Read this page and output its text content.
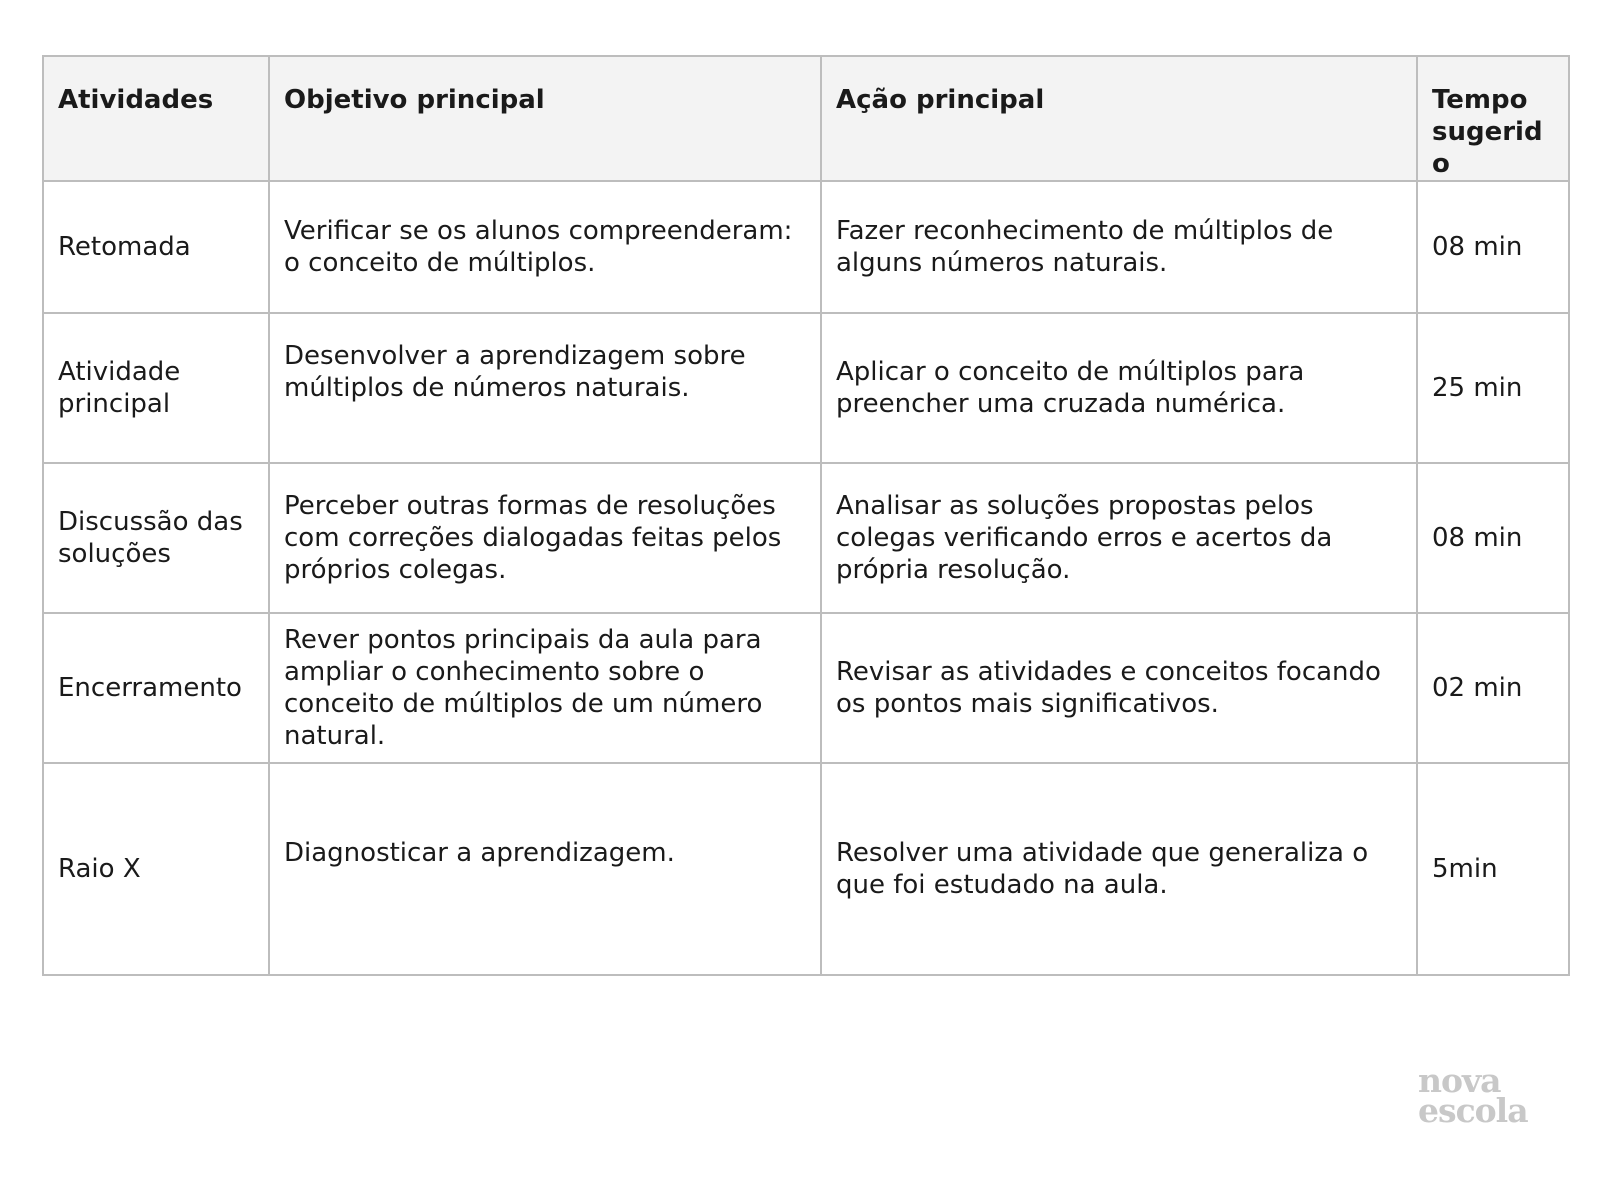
Atividades	Objetivo principal	Ação principal	Tempo sugerido

Retomada	Verificar se os alunos compreenderam: o conceito de múltiplos.	Fazer reconhecimento de múltiplos de alguns números naturais.	08 min

Atividade principal	Desenvolver a aprendizagem sobre múltiplos de números naturais.	Aplicar o conceito de múltiplos para preencher uma cruzada numérica.	25 min

Discussão das soluções	Perceber outras formas de resoluções com correções dialogadas feitas pelos próprios colegas.	Analisar as soluções propostas pelos colegas verificando erros e acertos da própria resolução.	08 min

Encerramento	Rever pontos principais da aula para ampliar o conhecimento sobre o conceito de múltiplos de um número natural.	Revisar as atividades e conceitos focando os pontos mais significativos.	02 min

Raio X	Diagnosticar a aprendizagem.	Resolver uma atividade que generaliza o que foi estudado na aula.	5min
nova
escola
